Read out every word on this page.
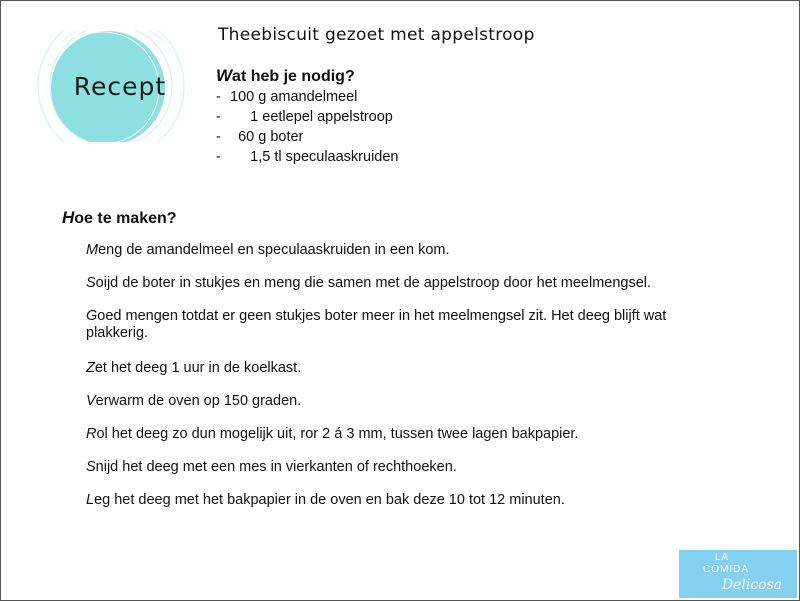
Recept
Theebiscuit gezoet met appelstroop
Wat heb je nodig?
- 100 g amandelmeel
- 1 eetlepel appelstroop
- 60 g boter
- 1,5 tl speculaaskruiden
Hoe te maken?
Meng de amandelmeel en speculaaskruiden in een kom.
Soijd de boter in stukjes en meng die samen met de appelstroop door het meelmengsel.
Goed mengen totdat er geen stukjes boter meer in het meelmengsel zit. Het deeg blijft wat plakkerig.
Zet het deeg 1 uur in de koelkast.
Verwarm de oven op 150 graden.
Rol het deeg zo dun mogelijk uit, ror 2 á 3 mm, tussen twee lagen bakpapier.
Snijd het deeg met een mes in vierkanten of rechthoeken.
Leg het deeg met het bakpapier in de oven en bak deze 10 tot 12 minuten.
LA
COMIDA
Delicosa
